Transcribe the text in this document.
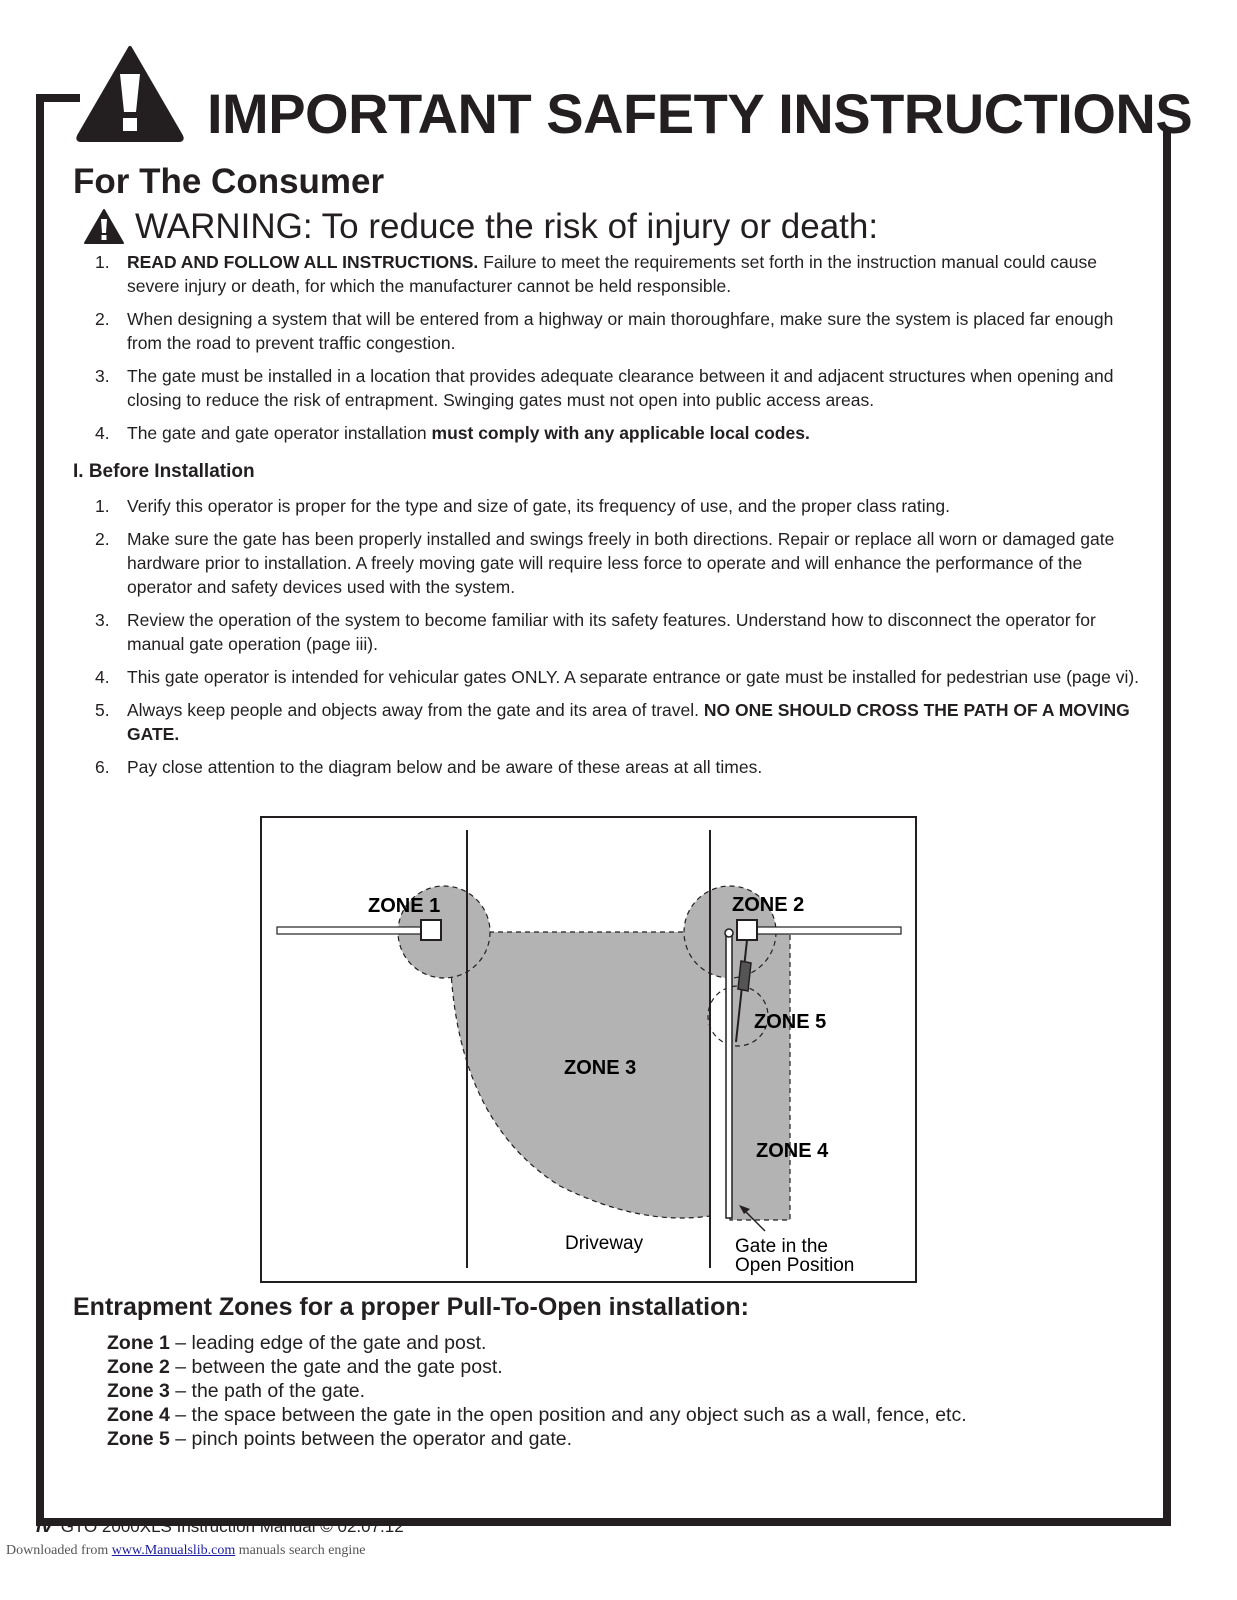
IMPORTANT SAFETY INSTRUCTIONS
For The Consumer
WARNING: To reduce the risk of injury or death:
1. READ AND FOLLOW ALL INSTRUCTIONS. Failure to meet the requirements set forth in the instruction manual could cause severe injury or death, for which the manufacturer cannot be held responsible.
2. When designing a system that will be entered from a highway or main thoroughfare, make sure the system is placed far enough from the road to prevent traffic congestion.
3. The gate must be installed in a location that provides adequate clearance between it and adjacent structures when opening and closing to reduce the risk of entrapment. Swinging gates must not open into public access areas.
4. The gate and gate operator installation must comply with any applicable local codes.
I. Before Installation
1. Verify this operator is proper for the type and size of gate, its frequency of use, and the proper class rating.
2. Make sure the gate has been properly installed and swings freely in both directions. Repair or replace all worn or damaged gate hardware prior to installation. A freely moving gate will require less force to operate and will enhance the performance of the operator and safety devices used with the system.
3. Review the operation of the system to become familiar with its safety features. Understand how to disconnect the operator for manual gate operation (page iii).
4. This gate operator is intended for vehicular gates ONLY. A separate entrance or gate must be installed for pedestrian use (page vi).
5. Always keep people and objects away from the gate and its area of travel. NO ONE SHOULD CROSS THE PATH OF A MOVING GATE.
6. Pay close attention to the diagram below and be aware of these areas at all times.
ZONE 1	ZONE 2
ZONE 3
ZONE 4
ZONE 5
Driveway	Gate in the
Open Position
Entrapment Zones for a proper Pull-To-Open installation:
Zone 1 – leading edge of the gate and post.
Zone 2 – between the gate and the gate post.
Zone 3 – the path of the gate.
Zone 4 – the space between the gate in the open position and any object such as a wall, fence, etc.
Zone 5 – pinch points between the operator and gate.
iv GTO 2000XLS Instruction Manual © 02.07.12
Downloaded from www.Manualslib.com manuals search engine
